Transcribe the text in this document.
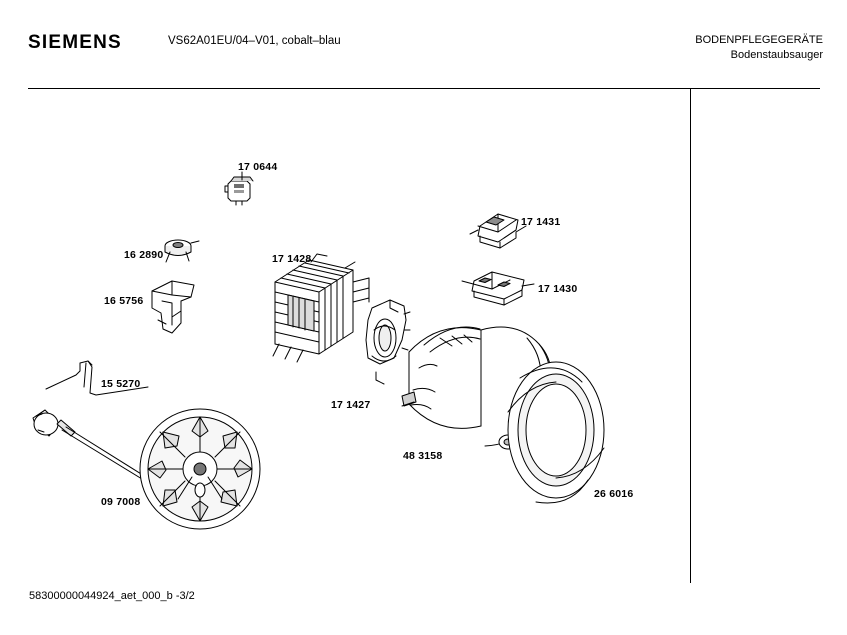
SIEMENS	VS62A01EU/04–V01, cobalt–blau	BODENPFLEGEGERÄTE
Bodenstaubsauger
58300000044924_aet_000_b -3/2
17 0644
17 1431
16 2890	17 1428
17 1430
16 5756
15 5270
17 1427
48 3158
26 6016
09 7008
